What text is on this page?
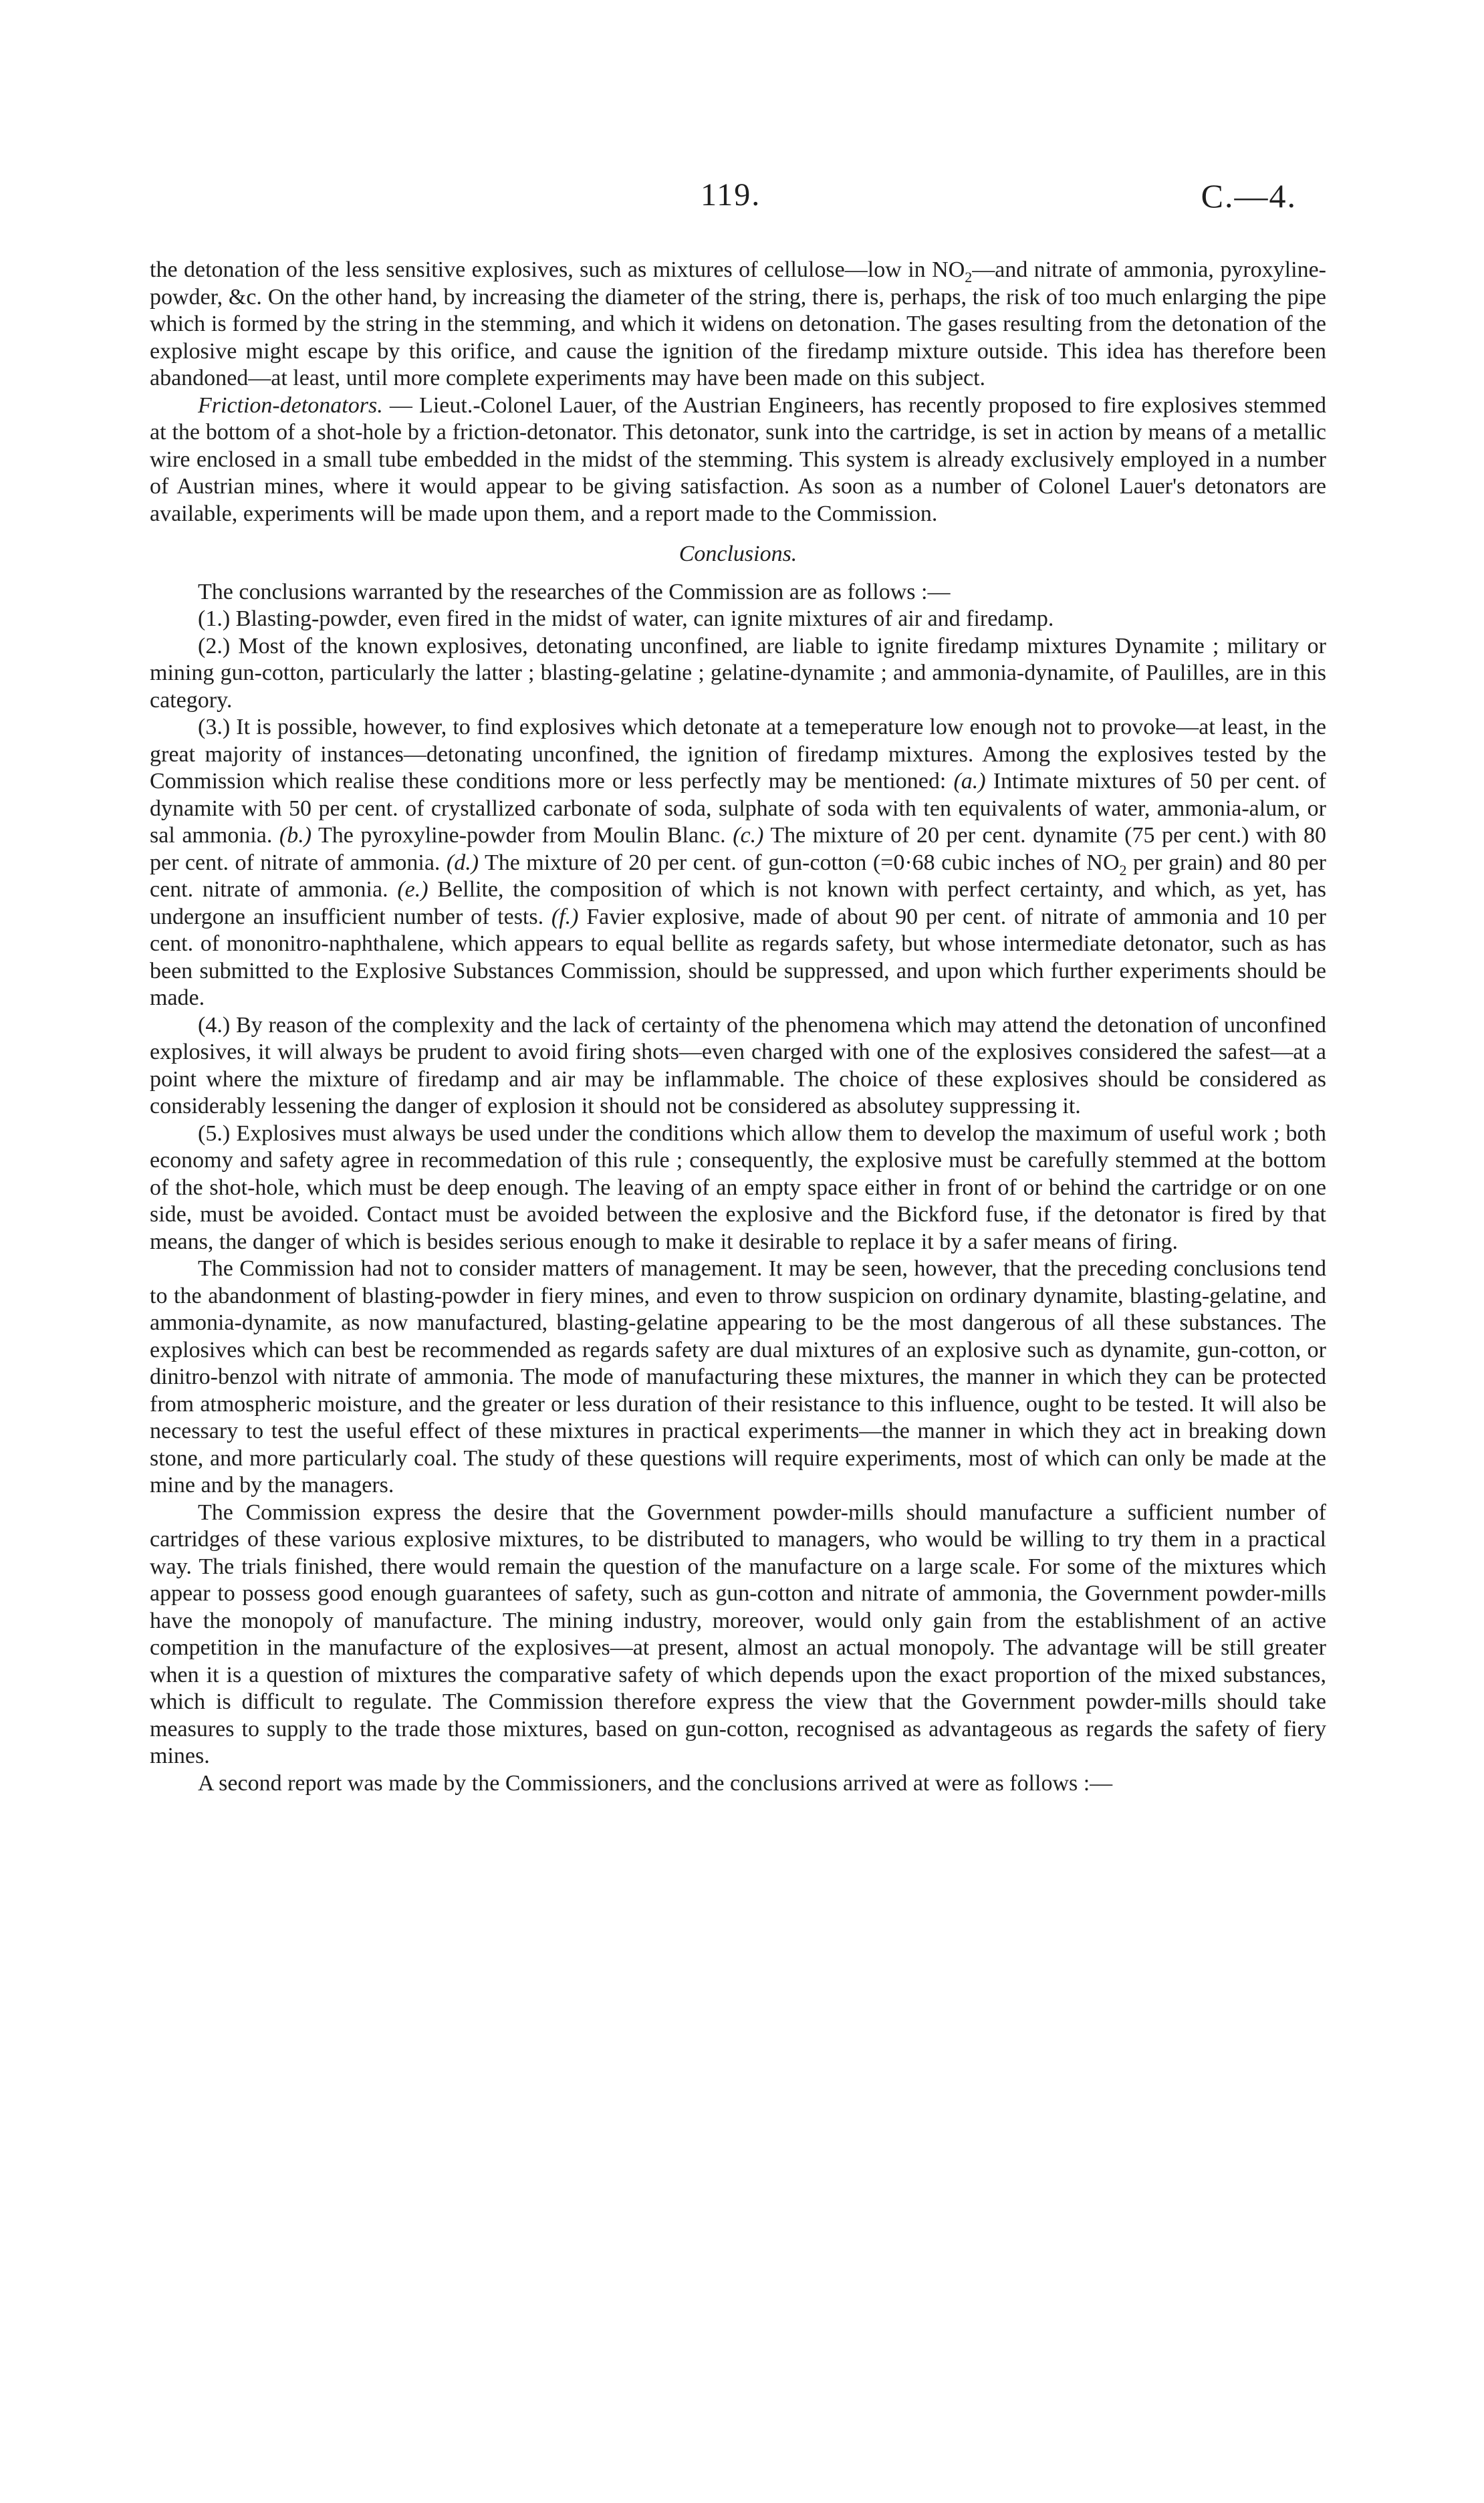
119.	C.—4.

the detonation of the less sensitive explosives, such as mixtures of cellulose—low in $NO_2—and$ nitrate of ammonia, pyroxyline-powder, &c. On the other hand, by increasing the diameter of the string, there is, perhaps, the risk of too much enlarging the pipe which is formed by the string in the stemming, and which it widens on detonation. The gases resulting from the detonation of the explosive might escape by this orifice, and cause the ignition of the firedamp mixture outside. This idea has therefore been abandoned—at least, until more complete experiments may have been made on this subject.

Friction-detonators. — Lieut.-Colonel Lauer, of the Austrian Engineers, has recently proposed to fire explosives stemmed at the bottom of a shot-hole by a friction-detonator. This detonator, sunk into the cartridge, is set in action by means of a metallic wire enclosed in a small tube embedded in the midst of the stemming. This system is already exclusively employed in a number of Austrian mines, where it would appear to be giving satisfaction. As soon as a number of Colonel Lauer's detonators are available, experiments will be made upon them, and a report made to the Commission.

Conclusions.

The conclusions warranted by the researches of the Commission are as follows :—

(1.) Blasting-powder, even fired in the midst of water, can ignite mixtures of air and firedamp.

(2.) Most of the known explosives, detonating unconfined, are liable to ignite firedamp mixtures Dynamite ; military or mining gun-cotton, particularly the latter ; blasting-gelatine ; gelatine-dynamite ; and ammonia-dynamite, of Paulilles, are in this category.

(3.) It is possible, however, to find explosives which detonate at a temeperature low enough not to provoke—at least, in the great majority of instances—detonating unconfined, the ignition of firedamp mixtures. Among the explosives tested by the Commission which realise these conditions more or less perfectly may be mentioned: (a.) Intimate mixtures of 50 per cent. of dynamite with 50 per cent. of crystallized carbonate of soda, sulphate of soda with ten equivalents of water, ammonia-alum, or sal ammonia. (b.) The pyroxyline-powder from Moulin Blanc. (c.) The mixture of 20 per cent. dynamite (75 per cent.) with 80 per cent. of nitrate of ammonia. (d.) The mixture of 20 per cent. of gun-cotton (=0·68 cubic inches of $NO_2$ per grain) and 80 per cent. nitrate of ammonia. (e.) Bellite, the composition of which is not known with perfect certainty, and which, as yet, has undergone an insufficient number of tests. (f.) Favier explosive, made of about 90 per cent. of nitrate of ammonia and 10 per cent. of mononitro-naphthalene, which appears to equal bellite as regards safety, but whose intermediate detonator, such as has been submitted to the Explosive Substances Commission, should be suppressed, and upon which further experiments should be made.

(4.) By reason of the complexity and the lack of certainty of the phenomena which may attend the detonation of unconfined explosives, it will always be prudent to avoid firing shots—even charged with one of the explosives considered the safest—at a point where the mixture of firedamp and air may be inflammable. The choice of these explosives should be considered as considerably lessening the danger of explosion it should not be considered as absolutey suppressing it.

(5.) Explosives must always be used under the conditions which allow them to develop the maximum of useful work ; both economy and safety agree in recommedation of this rule ; consequently, the explosive must be carefully stemmed at the bottom of the shot-hole, which must be deep enough. The leaving of an empty space either in front of or behind the cartridge or on one side, must be avoided. Contact must be avoided between the explosive and the Bickford fuse, if the detonator is fired by that means, the danger of which is besides serious enough to make it desirable to replace it by a safer means of firing.

The Commission had not to consider matters of management. It may be seen, however, that the preceding conclusions tend to the abandonment of blasting-powder in fiery mines, and even to throw suspicion on ordinary dynamite, blasting-gelatine, and ammonia-dynamite, as now manufactured, blasting-gelatine appearing to be the most dangerous of all these substances. The explosives which can best be recommended as regards safety are dual mixtures of an explosive such as dynamite, gun-cotton, or dinitro-benzol with nitrate of ammonia. The mode of manufacturing these mixtures, the manner in which they can be protected from atmospheric moisture, and the greater or less duration of their resistance to this influence, ought to be tested. It will also be necessary to test the useful effect of these mixtures in practical experiments—the manner in which they act in breaking down stone, and more particularly coal. The study of these questions will require experiments, most of which can only be made at the mine and by the managers.

The Commission express the desire that the Government powder-mills should manufacture a sufficient number of cartridges of these various explosive mixtures, to be distributed to managers, who would be willing to try them in a practical way. The trials finished, there would remain the question of the manufacture on a large scale. For some of the mixtures which appear to possess good enough guarantees of safety, such as gun-cotton and nitrate of ammonia, the Government powder-mills have the monopoly of manufacture. The mining industry, moreover, would only gain from the establishment of an active competition in the manufacture of the explosives—at present, almost an actual monopoly. The advantage will be still greater when it is a question of mixtures the comparative safety of which depends upon the exact proportion of the mixed substances, which is difficult to regulate. The Commission therefore express the view that the Government powder-mills should take measures to supply to the trade those mixtures, based on gun-cotton, recognised as advantageous as regards the safety of fiery mines.

A second report was made by the Commissioners, and the conclusions arrived at were as follows :—
